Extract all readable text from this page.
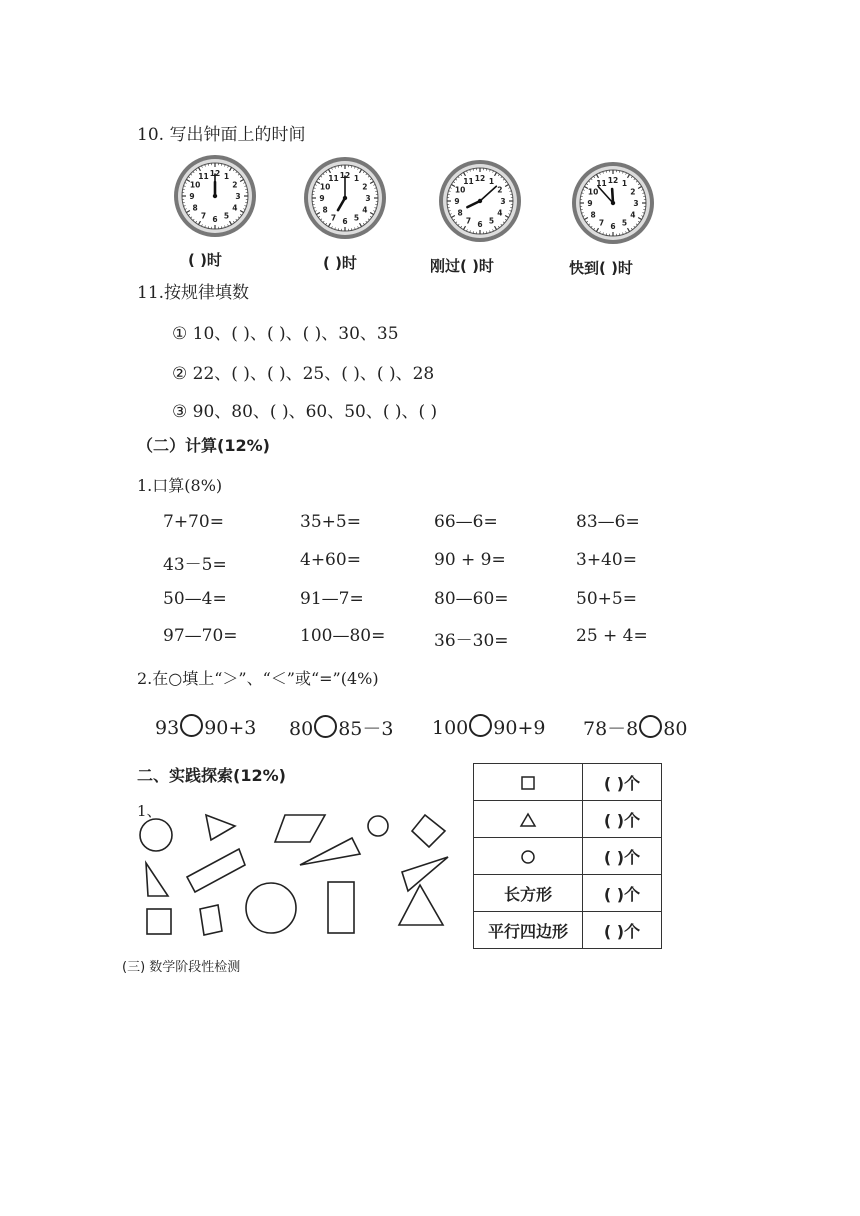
10. 写出钟面上的时间
1
2
3
4
5
6
7
8
9
10
11 12
1
2
3
4
5
6
7
8
9
10
11 12
1
2
3
4
5
6
7
8
9
10
11 12
1
2
3
4
5
6
7
8
9
10
11 12
( )时	( )时	刚过( )时	快到( )时
11.按规律填数
① 10、( )、( )、( )、30、35
② 22、( )、( )、25、( )、( )、28
③ 90、80、( )、60、50、( )、( )
（二）计算(12%)
1.口算(8%)
7+70=	35+5=	66—6=	83—6=
43－5=	4+60=	90 + 9=	3+40=
50—4=	91—7=	80—60=	50+5=
97—70=	100—80=	36－30=	25 + 4=
2.在○填上“＞”、“＜”或“=”(4%)
93 90+3 80 85－3 100 90+9 78－8 80
二、实践探索(12%)
1、
	( )个
	( )个
	( )个
长方形	( )个
平行四边形	( )个
(三) 数学阶段性检测
